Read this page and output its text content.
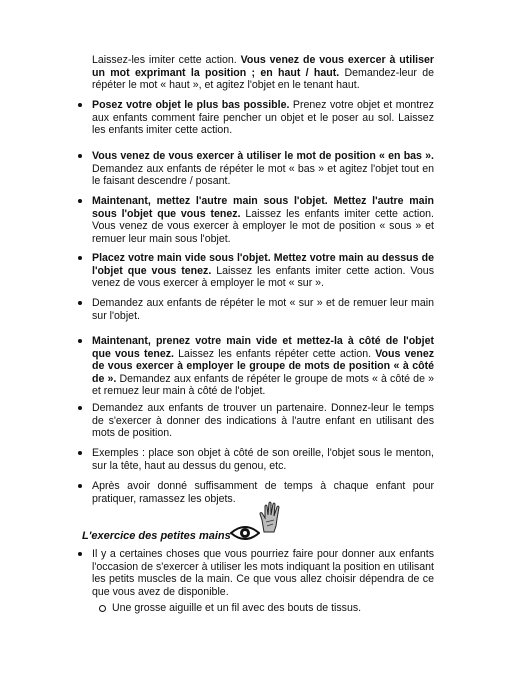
Laissez-les imiter cette action. Vous venez de vous exercer à utiliser un mot exprimant la position ; en haut / haut. Demandez-leur de répéter le mot « haut », et agitez l'objet en le tenant haut.

Posez votre objet le plus bas possible. Prenez votre objet et montrez aux enfants comment faire pencher un objet et le poser au sol. Laissez les enfants imiter cette action.

Vous venez de vous exercer à utiliser le mot de position « en bas ». Demandez aux enfants de répéter le mot « bas » et agitez l'objet tout en le faisant descendre / posant.

Maintenant, mettez l'autre main sous l'objet. Mettez l'autre main sous l'objet que vous tenez. Laissez les enfants imiter cette action. Vous venez de vous exercer à employer le mot de position « sous » et remuer leur main sous l'objet.

Placez votre main vide sous l'objet. Mettez votre main au dessus de l'objet que vous tenez. Laissez les enfants imiter cette action. Vous venez de vous exercer à employer le mot « sur ».

Demandez aux enfants de répéter le mot « sur » et de remuer leur main sur l'objet.

Maintenant, prenez votre main vide et mettez-la à côté de l'objet que vous tenez. Laissez les enfants répéter cette action. Vous venez de vous exercer à employer le groupe de mots de position « à côté de ». Demandez aux enfants de répéter le groupe de mots « à côté de » et remuez leur main à côté de l'objet.

Demandez aux enfants de trouver un partenaire. Donnez-leur le temps de s'exercer à donner des indications à l'autre enfant en utilisant des mots de position.

Exemples : place son objet à côté de son oreille, l'objet sous le menton, sur la tête, haut au dessus du genou, etc.

Après avoir donné suffisamment de temps à chaque enfant pour pratiquer, ramassez les objets.

L'exercice des petites mains

Il y a certaines choses que vous pourriez faire pour donner aux enfants l'occasion de s'exercer à utiliser les mots indiquant la position en utilisant les petits muscles de la main. Ce que vous allez choisir dépendra de ce que vous avez de disponible.

Une grosse aiguille et un fil avec des bouts de tissus.
